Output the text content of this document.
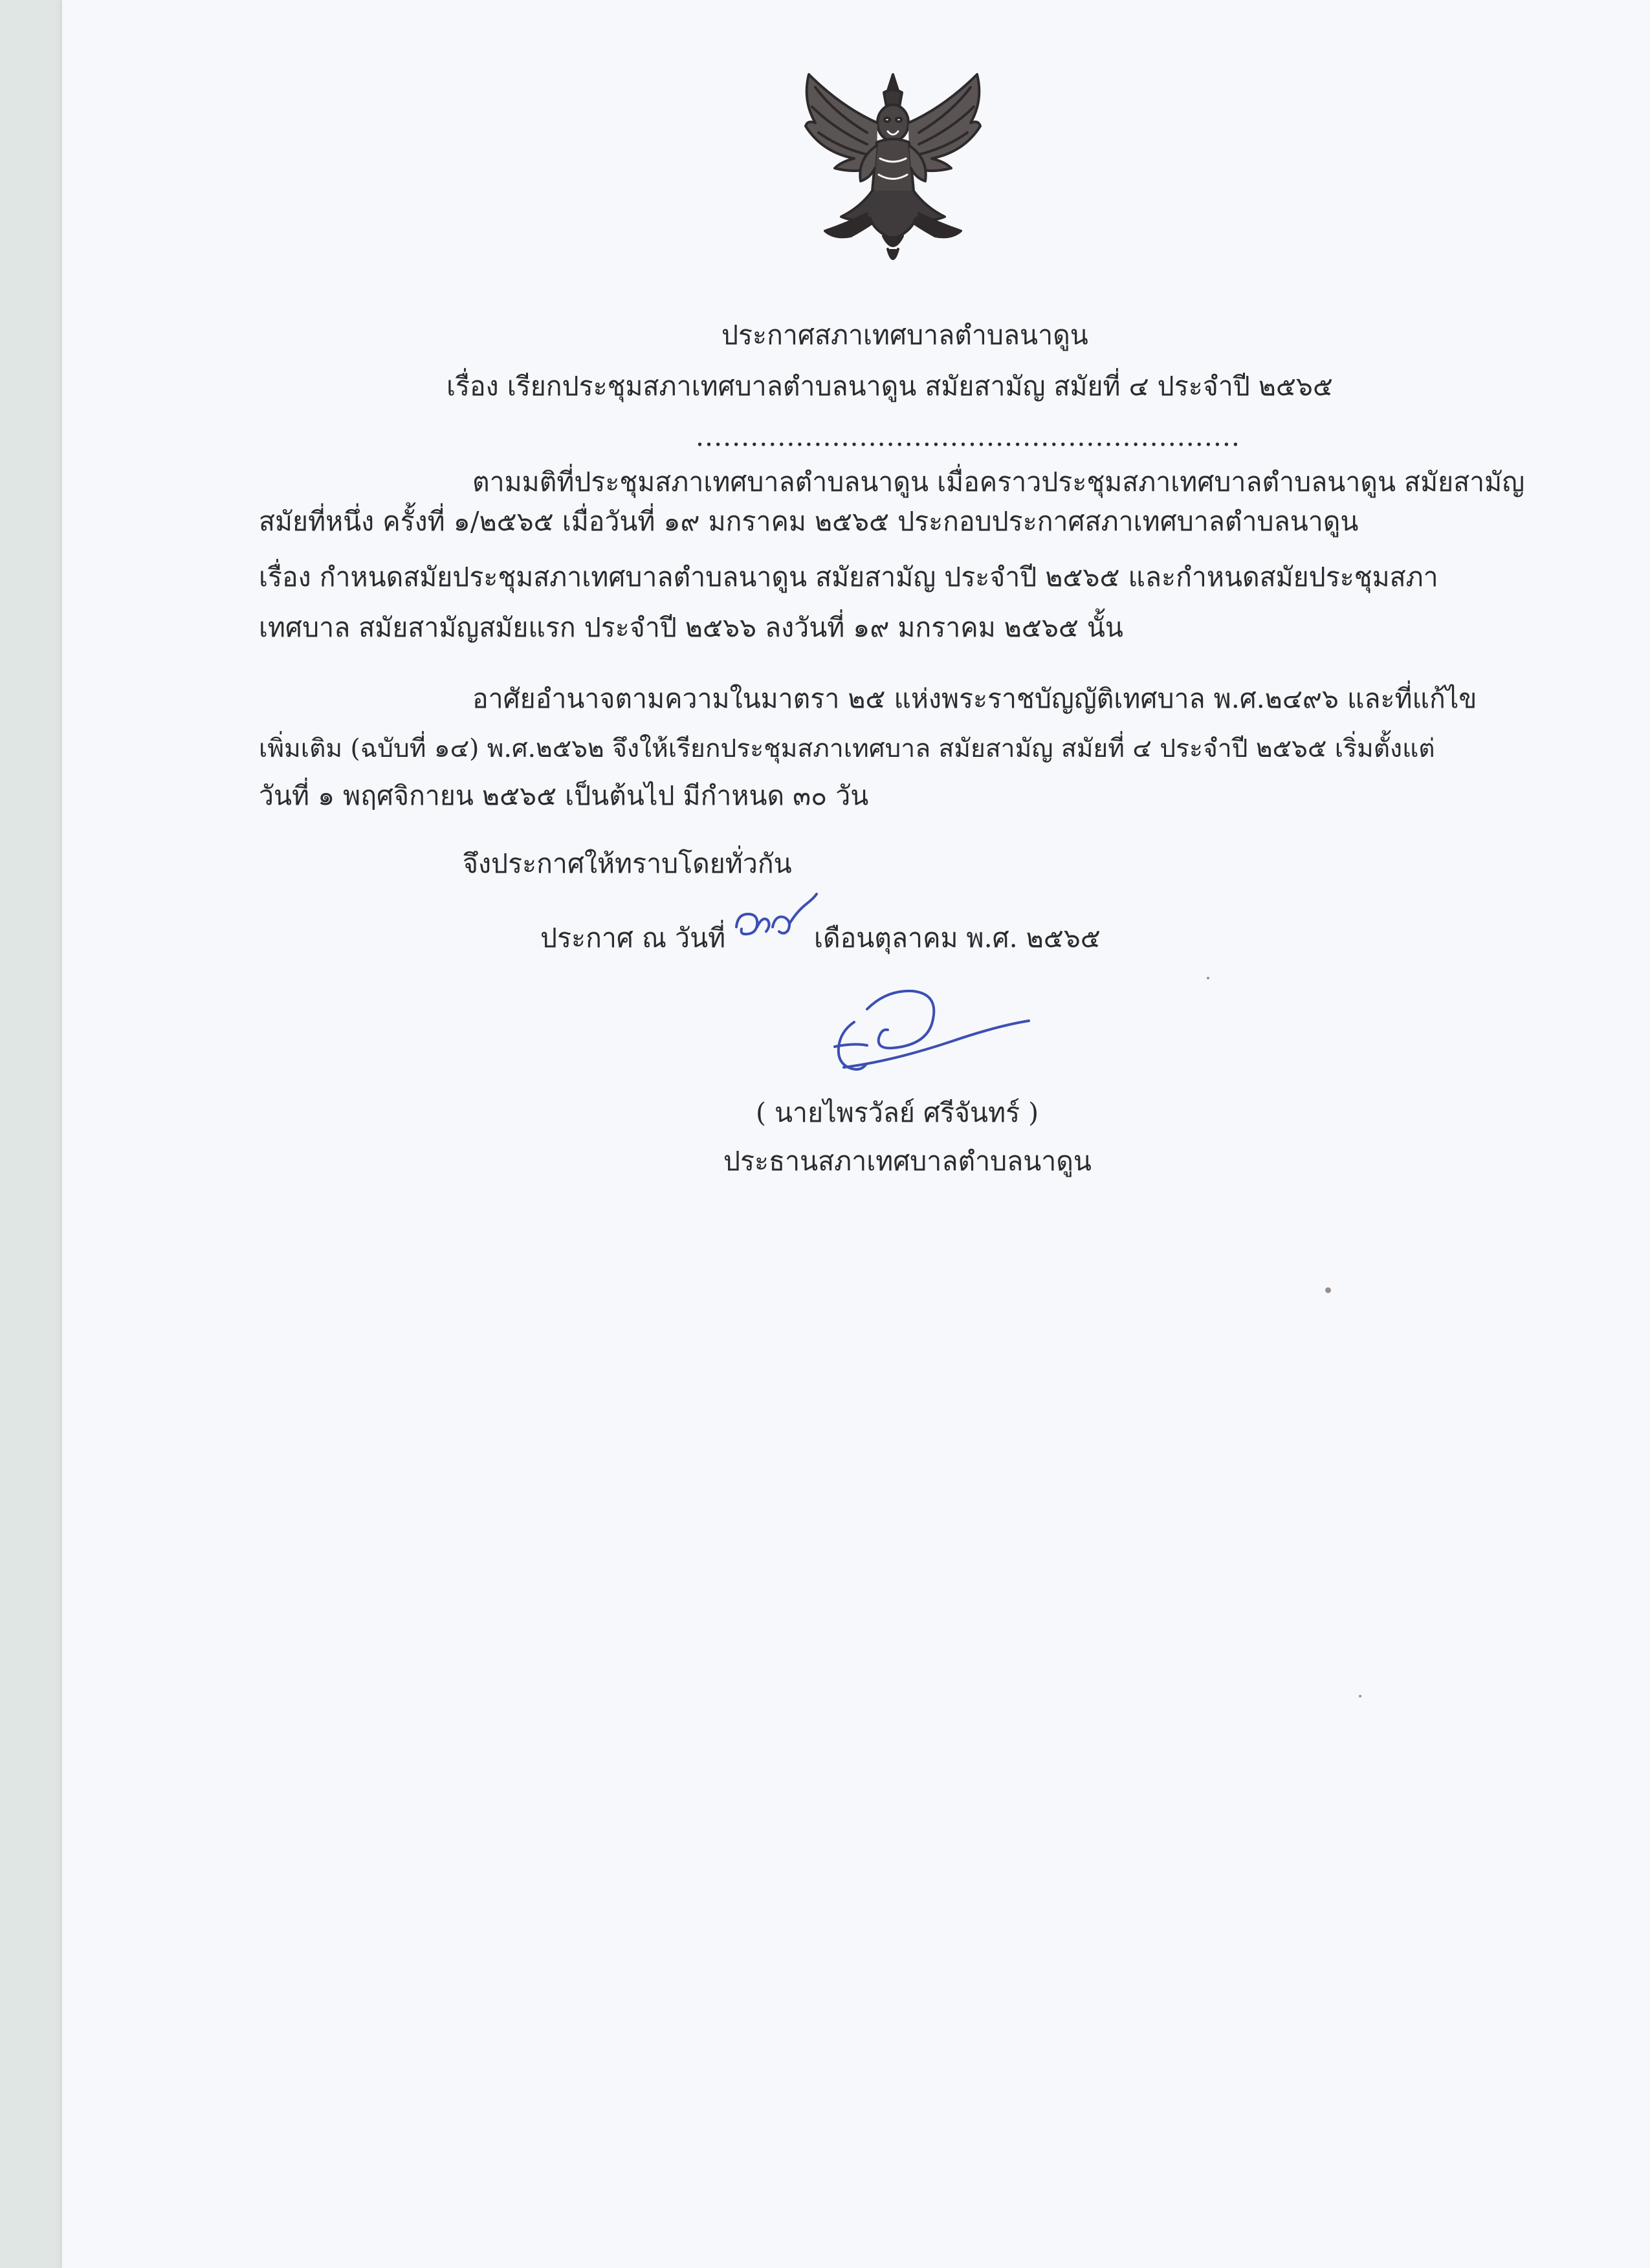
ประกาศสภาเทศบาลตำบลนาดูน
เรื่อง เรียกประชุมสภาเทศบาลตำบลนาดูน สมัยสามัญ สมัยที่ ๔ ประจำปี ๒๕๖๕
............................................................
ตามมติที่ประชุมสภาเทศบาลตำบลนาดูน เมื่อคราวประชุมสภาเทศบาลตำบลนาดูน สมัยสามัญ
สมัยที่หนึ่ง ครั้งที่ ๑/๒๕๖๕ เมื่อวันที่ ๑๙ มกราคม ๒๕๖๕ ประกอบประกาศสภาเทศบาลตำบลนาดูน
เรื่อง กำหนดสมัยประชุมสภาเทศบาลตำบลนาดูน สมัยสามัญ ประจำปี ๒๕๖๕ และกำหนดสมัยประชุมสภา
เทศบาล สมัยสามัญสมัยแรก ประจำปี ๒๕๖๖ ลงวันที่ ๑๙ มกราคม ๒๕๖๕ นั้น
อาศัยอำนาจตามความในมาตรา ๒๕ แห่งพระราชบัญญัติเทศบาล พ.ศ.๒๔๙๖ และที่แก้ไข
เพิ่มเติม (ฉบับที่ ๑๔) พ.ศ.๒๕๖๒ จึงให้เรียกประชุมสภาเทศบาล สมัยสามัญ สมัยที่ ๔ ประจำปี ๒๕๖๕ เริ่มตั้งแต่
วันที่ ๑ พฤศจิกายน ๒๕๖๕ เป็นต้นไป มีกำหนด ๓๐ วัน
จึงประกาศให้ทราบโดยทั่วกัน
ประกาศ ณ วันที่	เดือนตุลาคม พ.ศ. ๒๕๖๕
( นายไพรวัลย์ ศรีจันทร์ )
ประธานสภาเทศบาลตำบลนาดูน
